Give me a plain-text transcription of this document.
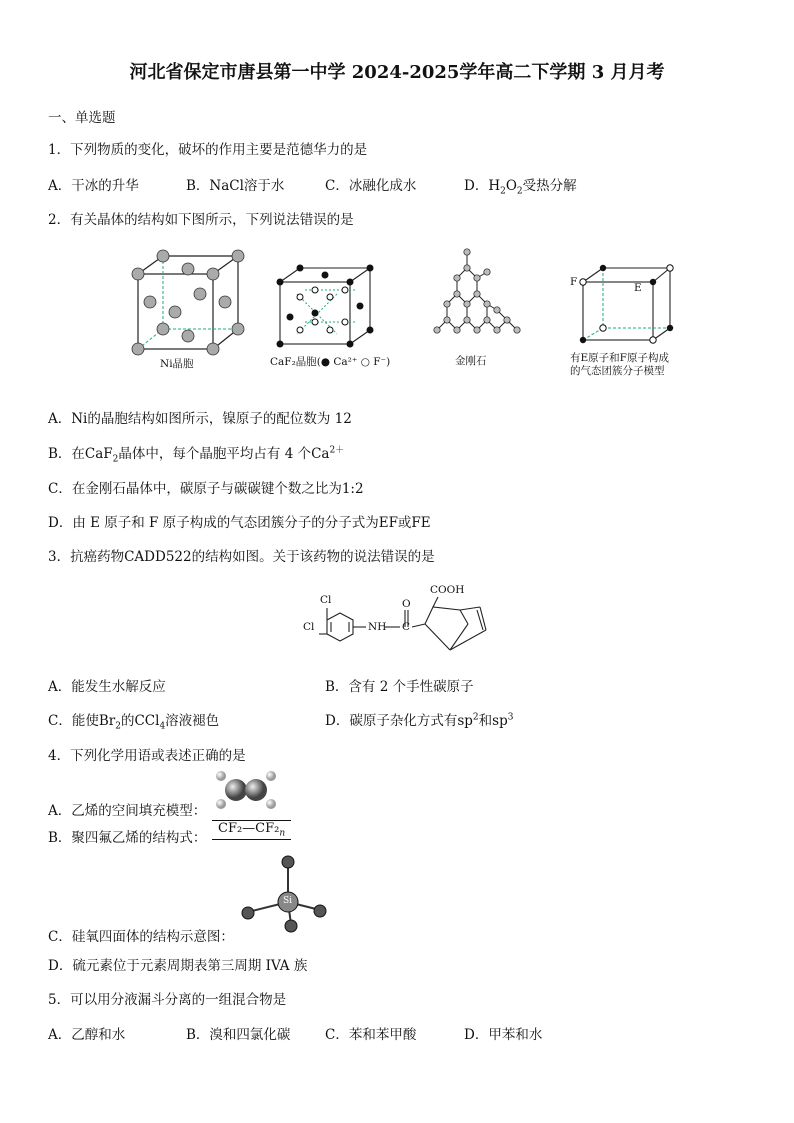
河北省保定市唐县第一中学 2024-2025学年高二下学期 3 月月考
一、单选题
1．下列物质的变化，破坏的作用主要是范德华力的是
A．干冰的升华	B．NaCl溶于水	C．冰融化成水	D．$H_2O_2$受热分解
2．有关晶体的结构如下图所示，下列说法错误的是
Ni晶胞	CaF₂晶胞(● Ca²⁺ ○ F⁻)	金刚石
F	E
有E原子和F原子构成
的气态团簇分子模型
A．Ni的晶胞结构如图所示，镍原子的配位数为 12
B．在CaF$_2$晶体中，每个晶胞平均占有 4 个$Ca^{2+}$
C．在金刚石晶体中，碳原子与碳碳键个数之比为1:2
D．由 E 原子和 F 原子构成的气态团簇分子的分子式为EF或FE
3．抗癌药物CADD522的结构如图。关于该药物的说法错误的是
COOH
Cl
Cl	NH C
O
A．能发生水解反应	B．含有 2 个手性碳原子
C．能使$Br_2$的CCl$_4$溶液褪色	D．碳原子杂化方式有$sp^2$和$sp^3$
4．下列化学用语或表述正确的是
A．乙烯的空间填充模型：
B．聚四氟乙烯的结构式：
$CF_2—CF_2_n$
Si
C．硅氧四面体的结构示意图：
D．硫元素位于元素周期表第三周期 IVA 族
5．可以用分液漏斗分离的一组混合物是
A．乙醇和水	B．溴和四氯化碳	C．苯和苯甲酸	D．甲苯和水
